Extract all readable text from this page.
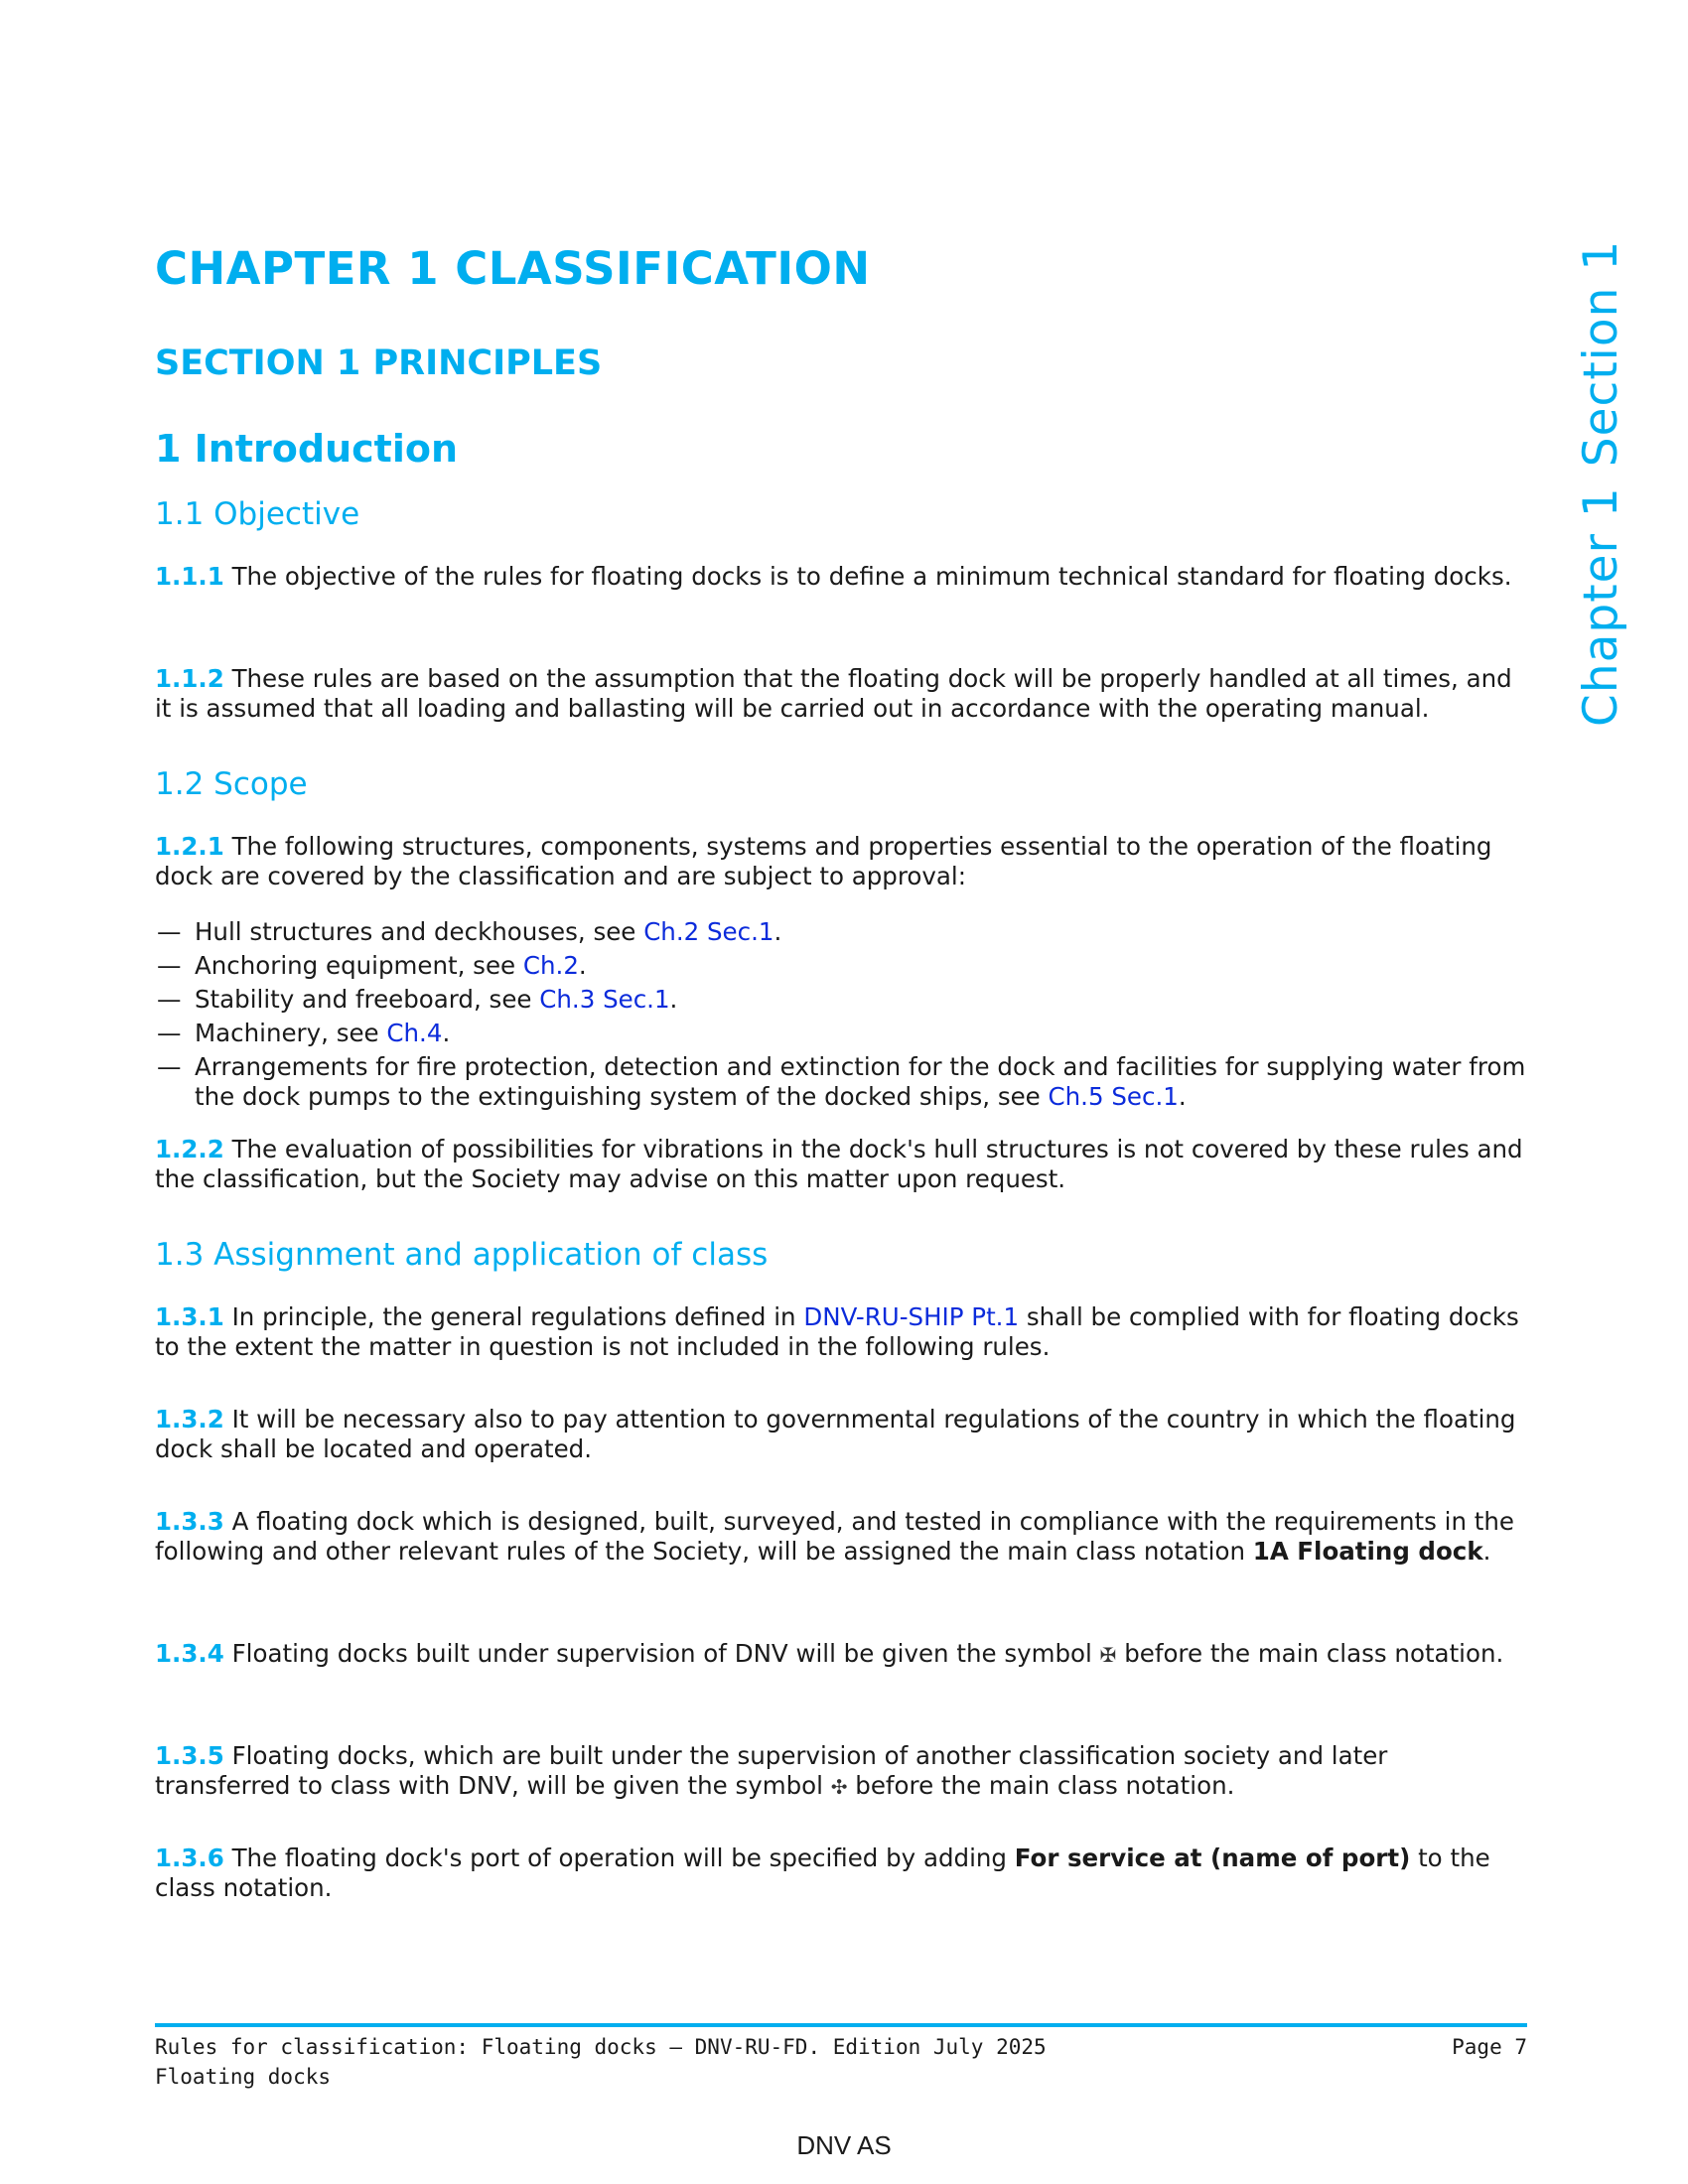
CHAPTER 1 CLASSIFICATION
SECTION 1 PRINCIPLES
1 Introduction
1.1 Objective

1.1.1 The objective of the rules for floating docks is to define a minimum technical standard for floating docks.

1.1.2 These rules are based on the assumption that the floating dock will be properly handled at all times, and it is assumed that all loading and ballasting will be carried out in accordance with the operating manual.

1.2 Scope

1.2.1 The following structures, components, systems and properties essential to the operation of the floating dock are covered by the classification and are subject to approval:

— Hull structures and deckhouses, see Ch.2 Sec.1.
— Anchoring equipment, see Ch.2.
— Stability and freeboard, see Ch.3 Sec.1.
— Machinery, see Ch.4.
— Arrangements for fire protection, detection and extinction for the dock and facilities for supplying water from the dock pumps to the extinguishing system of the docked ships, see Ch.5 Sec.1.

1.2.2 The evaluation of possibilities for vibrations in the dock's hull structures is not covered by these rules and the classification, but the Society may advise on this matter upon request.

1.3 Assignment and application of class

1.3.1 In principle, the general regulations defined in DNV-RU-SHIP Pt.1 shall be complied with for floating docks to the extent the matter in question is not included in the following rules.

1.3.2 It will be necessary also to pay attention to governmental regulations of the country in which the floating dock shall be located and operated.

1.3.3 A floating dock which is designed, built, surveyed, and tested in compliance with the requirements in the following and other relevant rules of the Society, will be assigned the main class notation 1A Floating dock.

1.3.4 Floating docks built under supervision of DNV will be given the symbol ✠ before the main class notation.

1.3.5 Floating docks, which are built under the supervision of another classification society and later transferred to class with DNV, will be given the symbol ✣ before the main class notation.

1.3.6 The floating dock's port of operation will be specified by adding For service at (name of port) to the class notation.

Chapter 1Section 1
Rules for classification: Floating docks — DNV-RU-FD. Edition July 2025
Floating docks
Page 7
DNV AS
